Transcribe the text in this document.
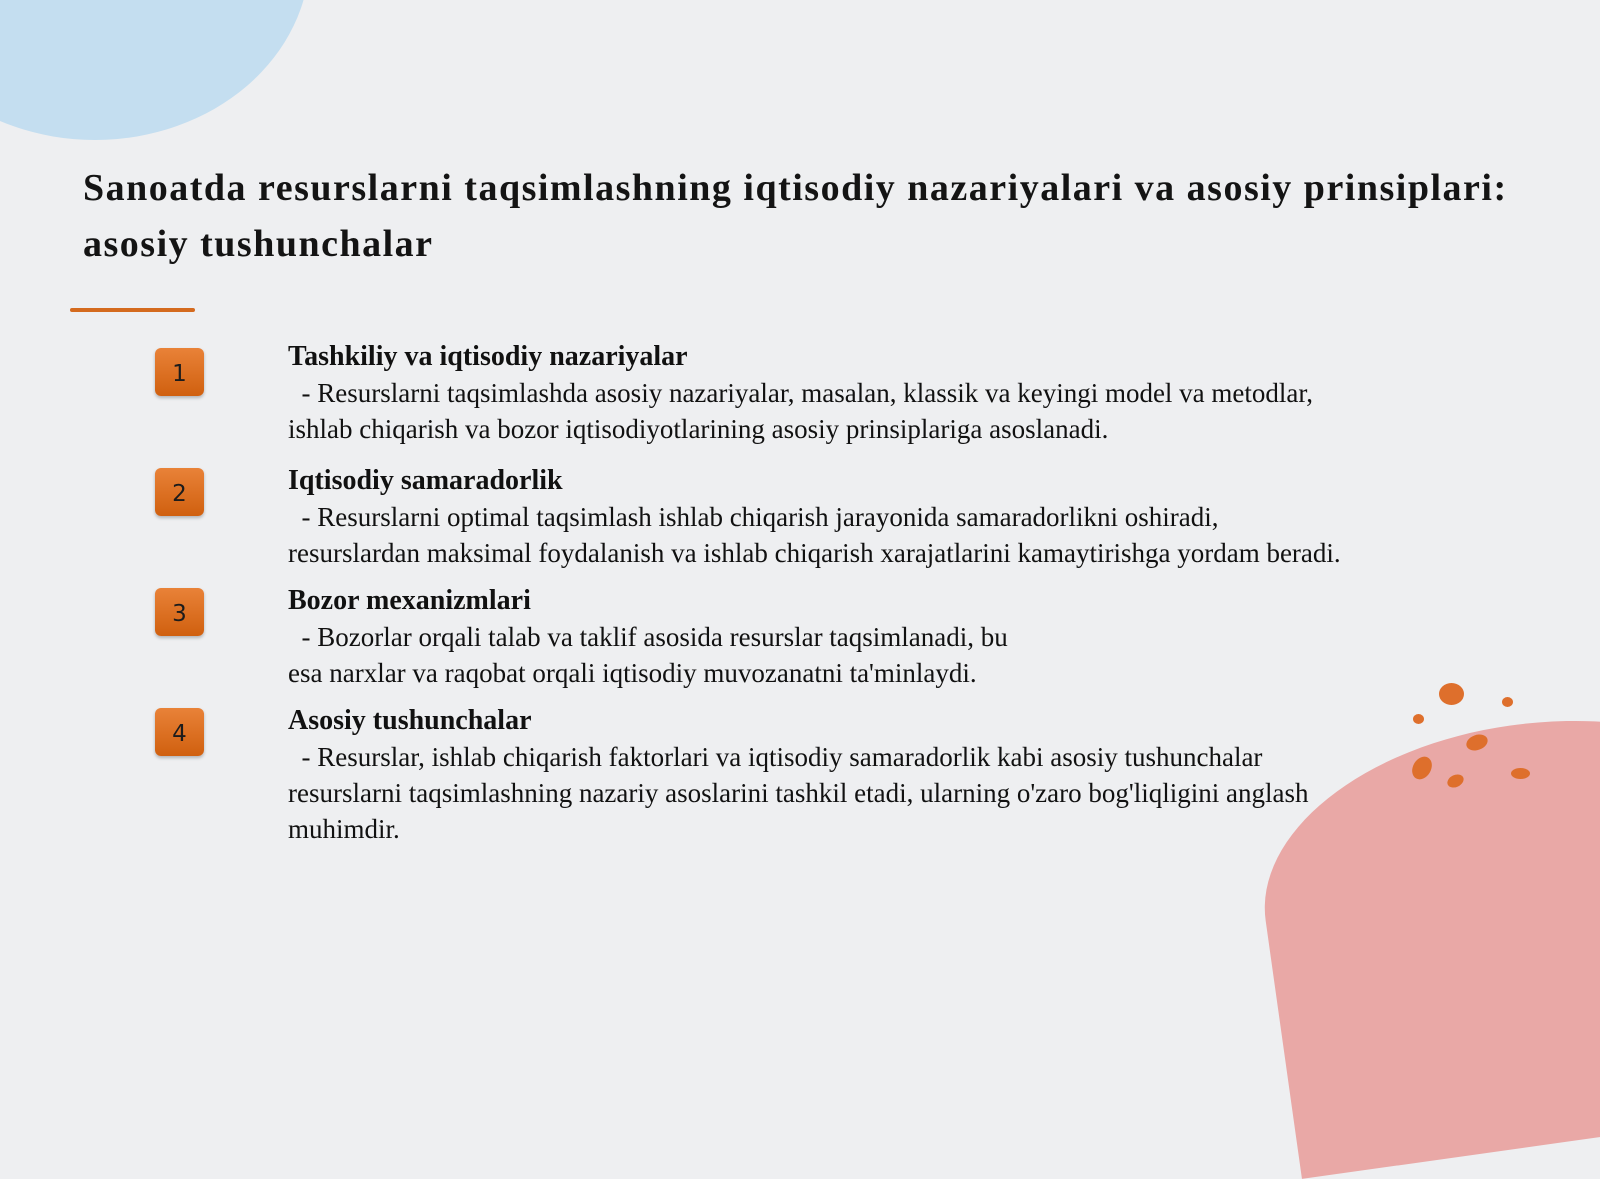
Sanoatda resurslarni taqsimlashning iqtisodiy nazariyalari va asosiy prinsiplari: asosiy tushunchalar
1
Tashkiliy va iqtisodiy nazariyalar
- Resurslarni taqsimlashda asosiy nazariyalar, masalan, klassik va keyingi model va metodlar,
ishlab chiqarish va bozor iqtisodiyotlarining asosiy prinsiplariga asoslanadi.
2	Iqtisodiy samaradorlik
- Resurslarni optimal taqsimlash ishlab chiqarish jarayonida samaradorlikni oshiradi,
resurslardan maksimal foydalanish va ishlab chiqarish xarajatlarini kamaytirishga yordam beradi.
3	Bozor mexanizmlari
- Bozorlar orqali talab va taklif asosida resurslar taqsimlanadi, bu
esa narxlar va raqobat orqali iqtisodiy muvozanatni ta'minlaydi.
4	Asosiy tushunchalar
- Resurslar, ishlab chiqarish faktorlari va iqtisodiy samaradorlik kabi asosiy tushunchalar
resurslarni taqsimlashning nazariy asoslarini tashkil etadi, ularning o'zaro bog'liqligini anglash
muhimdir.
